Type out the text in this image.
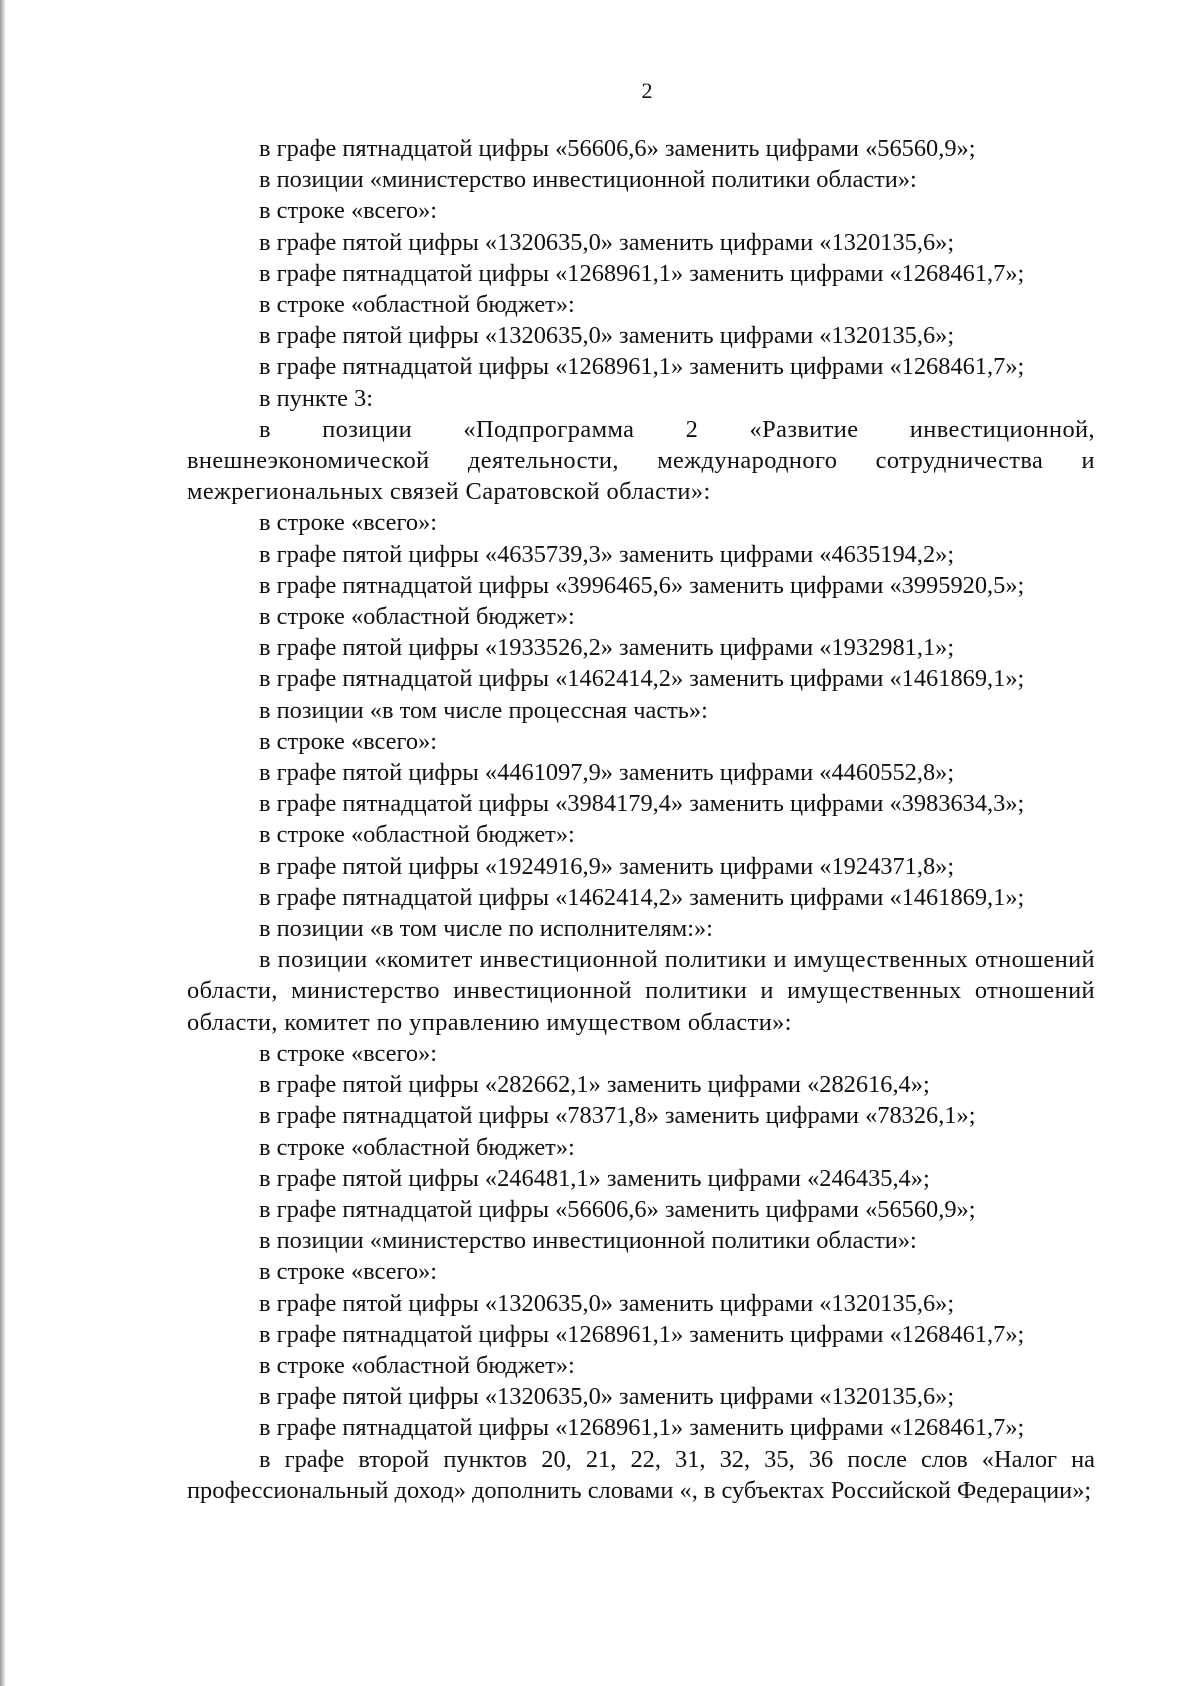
2

в графе пятнадцатой цифры «56606,6» заменить цифрами «56560,9»;

в позиции «министерство инвестиционной политики области»:

в строке «всего»:

в графе пятой цифры «1320635,0» заменить цифрами «1320135,6»;

в графе пятнадцатой цифры «1268961,1» заменить цифрами «1268461,7»;

в строке «областной бюджет»:

в графе пятой цифры «1320635,0» заменить цифрами «1320135,6»;

в графе пятнадцатой цифры «1268961,1» заменить цифрами «1268461,7»;

в пункте 3:

в позиции «Подпрограмма 2 «Развитие инвестиционной, внешнеэкономической деятельности, международного сотрудничества и межрегиональных связей Саратовской области»:

в строке «всего»:

в графе пятой цифры «4635739,3» заменить цифрами «4635194,2»;

в графе пятнадцатой цифры «3996465,6» заменить цифрами «3995920,5»;

в строке «областной бюджет»:

в графе пятой цифры «1933526,2» заменить цифрами «1932981,1»;

в графе пятнадцатой цифры «1462414,2» заменить цифрами «1461869,1»;

в позиции «в том числе процессная часть»:

в строке «всего»:

в графе пятой цифры «4461097,9» заменить цифрами «4460552,8»;

в графе пятнадцатой цифры «3984179,4» заменить цифрами «3983634,3»;

в строке «областной бюджет»:

в графе пятой цифры «1924916,9» заменить цифрами «1924371,8»;

в графе пятнадцатой цифры «1462414,2» заменить цифрами «1461869,1»;

в позиции «в том числе по исполнителям:»:

в позиции «комитет инвестиционной политики и имущественных отношений области, министерство инвестиционной политики и имущественных отношений области, комитет по управлению имуществом области»:

в строке «всего»:

в графе пятой цифры «282662,1» заменить цифрами «282616,4»;

в графе пятнадцатой цифры «78371,8» заменить цифрами «78326,1»;

в строке «областной бюджет»:

в графе пятой цифры «246481,1» заменить цифрами «246435,4»;

в графе пятнадцатой цифры «56606,6» заменить цифрами «56560,9»;

в позиции «министерство инвестиционной политики области»:

в строке «всего»:

в графе пятой цифры «1320635,0» заменить цифрами «1320135,6»;

в графе пятнадцатой цифры «1268961,1» заменить цифрами «1268461,7»;

в строке «областной бюджет»:

в графе пятой цифры «1320635,0» заменить цифрами «1320135,6»;

в графе пятнадцатой цифры «1268961,1» заменить цифрами «1268461,7»;

в графе второй пунктов 20, 21, 22, 31, 32, 35, 36 после слов «Налог на профессиональный доход» дополнить словами «, в субъектах Российской Федерации»;
